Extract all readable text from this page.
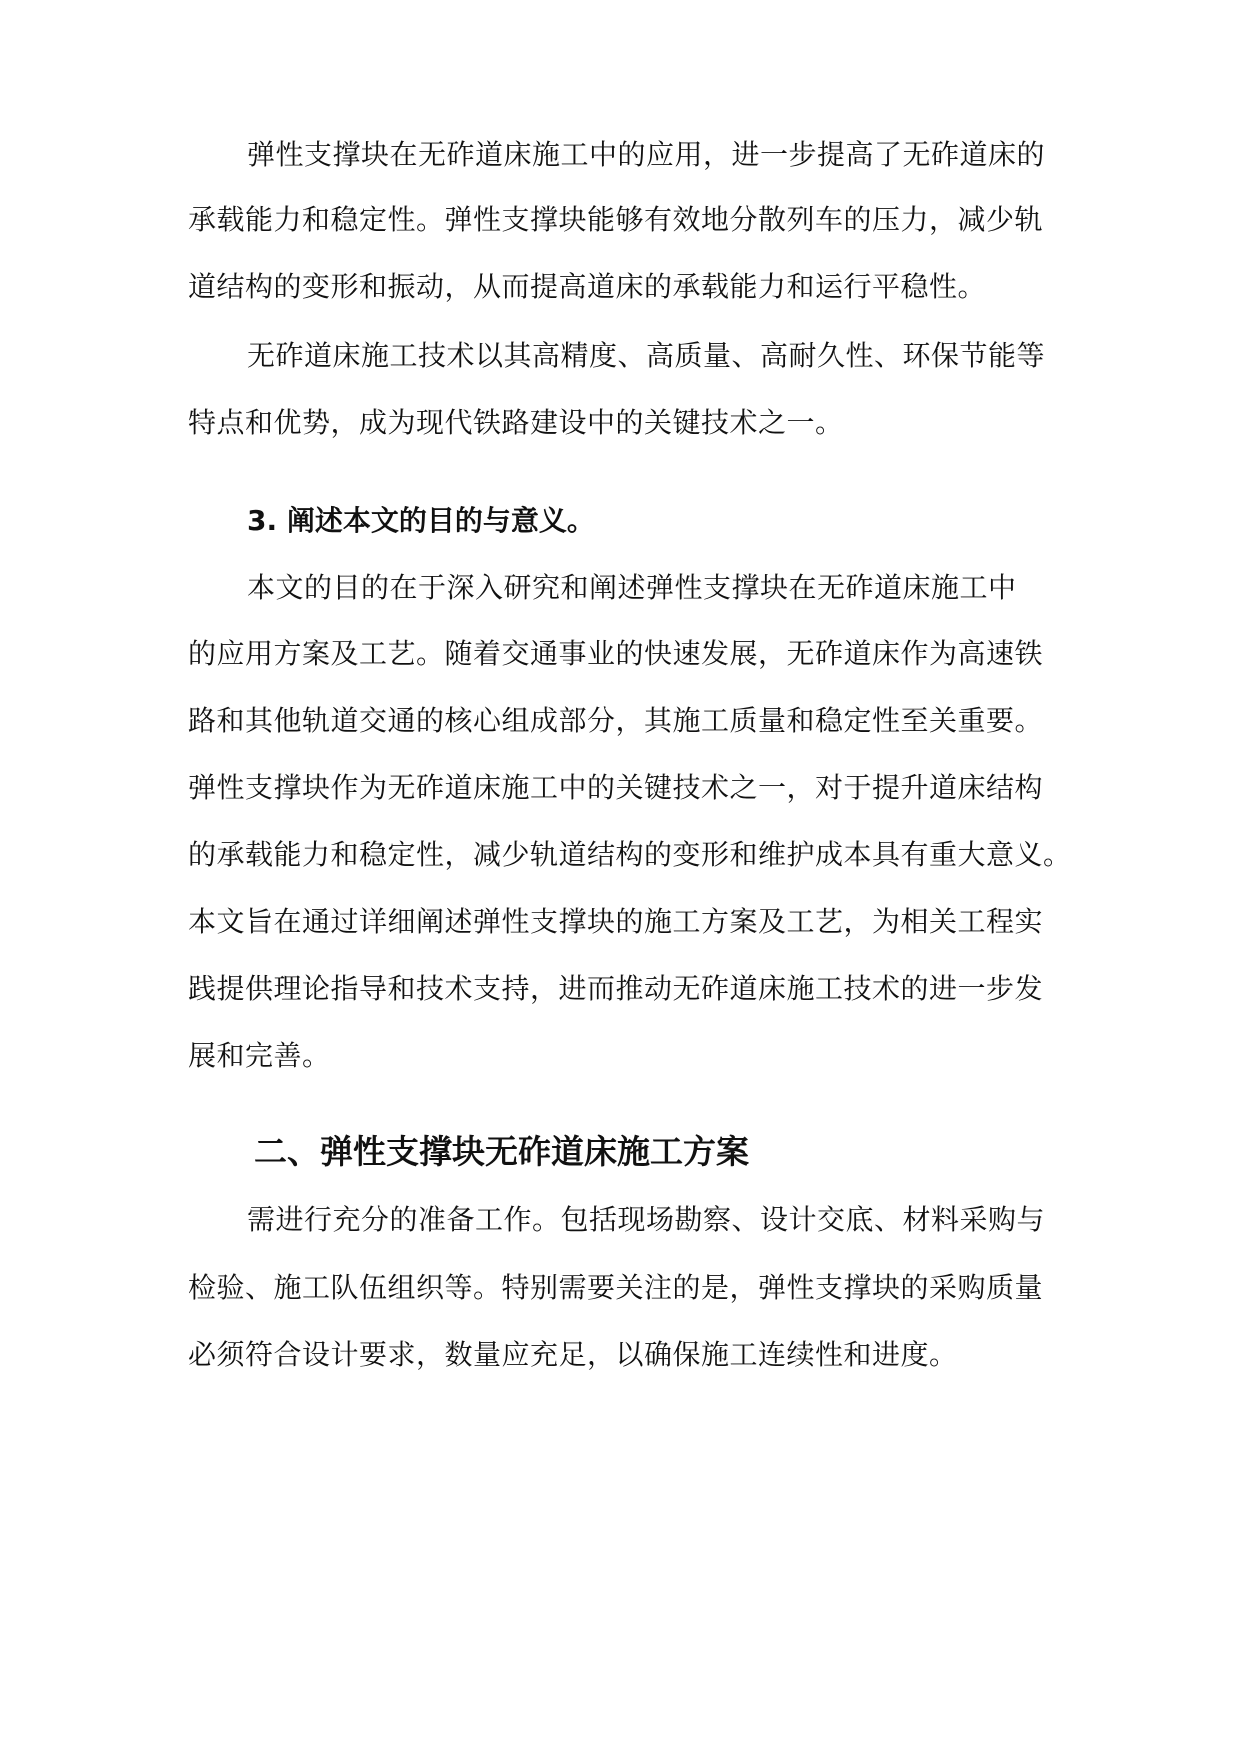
弹性支撑块在无砟道床施工中的应用，进一步提高了无砟道床的
承载能力和稳定性。弹性支撑块能够有效地分散列车的压力，减少轨
道结构的变形和振动，从而提高道床的承载能力和运行平稳性。
无砟道床施工技术以其高精度、高质量、高耐久性、环保节能等
特点和优势，成为现代铁路建设中的关键技术之一。
3. 阐述本文的目的与意义。
本文的目的在于深入研究和阐述弹性支撑块在无砟道床施工中
的应用方案及工艺。随着交通事业的快速发展，无砟道床作为高速铁
路和其他轨道交通的核心组成部分，其施工质量和稳定性至关重要。
弹性支撑块作为无砟道床施工中的关键技术之一，对于提升道床结构
的承载能力和稳定性，减少轨道结构的变形和维护成本具有重大意义。
本文旨在通过详细阐述弹性支撑块的施工方案及工艺，为相关工程实
践提供理论指导和技术支持，进而推动无砟道床施工技术的进一步发
展和完善。
二、弹性支撑块无砟道床施工方案
需进行充分的准备工作。包括现场勘察、设计交底、材料采购与
检验、施工队伍组织等。特别需要关注的是，弹性支撑块的采购质量
必须符合设计要求，数量应充足，以确保施工连续性和进度。
